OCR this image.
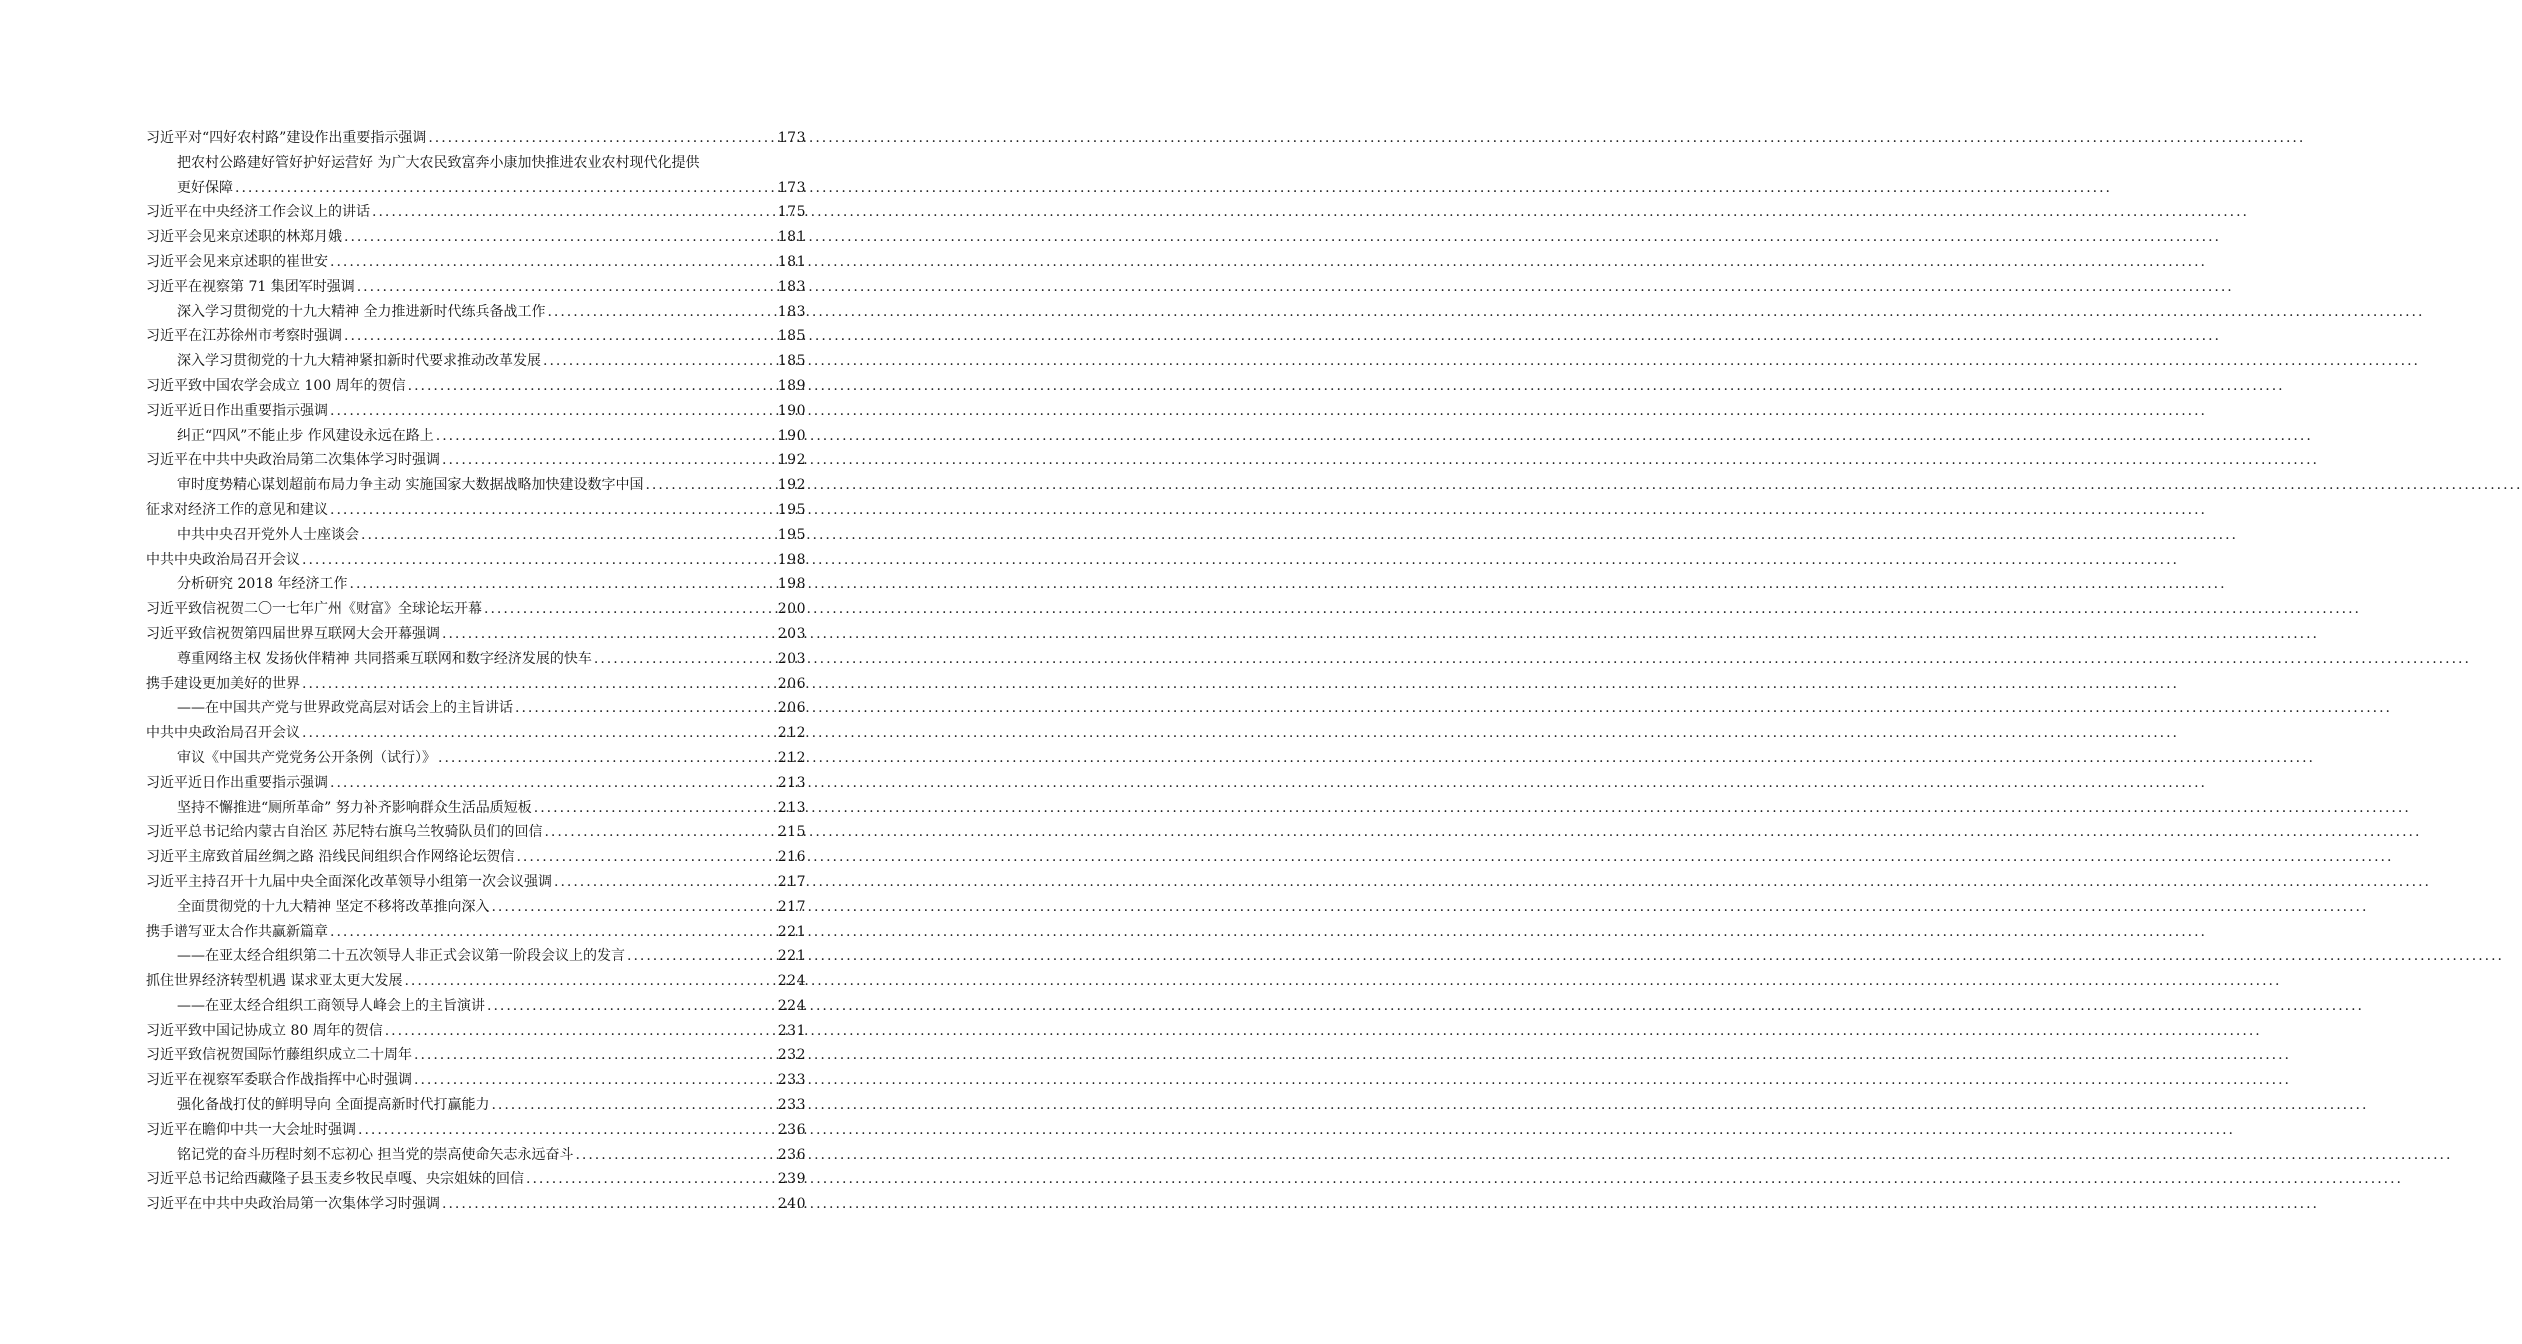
习近平对“四好农村路”建设作出重要指示强调 .....	173
把农村公路建好管好护好运营好 为广大农民致富奔小康加快推进农业农村现代化提供
更好保障 .....	173
习近平在中央经济工作会议上的讲话 .....	175
习近平会见来京述职的林郑月娥 .....	181
习近平会见来京述职的崔世安 .....	181
习近平在视察第 71 集团军时强调 .....	183
深入学习贯彻党的十九大精神 全力推进新时代练兵备战工作 .....	183
习近平在江苏徐州市考察时强调 .....	185
深入学习贯彻党的十九大精神紧扣新时代要求推动改革发展 .....	185
习近平致中国农学会成立 100 周年的贺信 .....	189
习近平近日作出重要指示强调 .....	190
纠正“四风”不能止步 作风建设永远在路上 .....	190
习近平在中共中央政治局第二次集体学习时强调 .....	192
审时度势精心谋划超前布局力争主动 实施国家大数据战略加快建设数字中国 .....	192
征求对经济工作的意见和建议 .....	195
中共中央召开党外人士座谈会 .....	195
中共中央政治局召开会议 .....	198
分析研究 2018 年经济工作 .....	198
习近平致信祝贺二〇一七年广州《财富》全球论坛开幕 .....	200
习近平致信祝贺第四届世界互联网大会开幕强调 .....	203
尊重网络主权 发扬伙伴精神 共同搭乘互联网和数字经济发展的快车 .....	203
携手建设更加美好的世界 .....	206
——在中国共产党与世界政党高层对话会上的主旨讲话 .....	206
中共中央政治局召开会议 .....	212
审议《中国共产党党务公开条例（试行）》 .....	212
习近平近日作出重要指示强调 .....	213
坚持不懈推进“厕所革命” 努力补齐影响群众生活品质短板 .....	213
习近平总书记给内蒙古自治区 苏尼特右旗乌兰牧骑队员们的回信 .....	215
习近平主席致首届丝绸之路 沿线民间组织合作网络论坛贺信 .....	216
习近平主持召开十九届中央全面深化改革领导小组第一次会议强调 .....	217
全面贯彻党的十九大精神 坚定不移将改革推向深入 .....	217
携手谱写亚太合作共赢新篇章 .....	221
——在亚太经合组织第二十五次领导人非正式会议第一阶段会议上的发言 .....	221
抓住世界经济转型机遇 谋求亚太更大发展 .....	224
——在亚太经合组织工商领导人峰会上的主旨演讲 .....	224
习近平致中国记协成立 80 周年的贺信 .....	231
习近平致信祝贺国际竹藤组织成立二十周年 .....	232
习近平在视察军委联合作战指挥中心时强调 .....	233
强化备战打仗的鲜明导向 全面提高新时代打赢能力 .....	233
习近平在瞻仰中共一大会址时强调 .....	236
铭记党的奋斗历程时刻不忘初心 担当党的崇高使命矢志永远奋斗 .....	236
习近平总书记给西藏隆子县玉麦乡牧民卓嘎、央宗姐妹的回信 .....	239
习近平在中共中央政治局第一次集体学习时强调 .....	240
